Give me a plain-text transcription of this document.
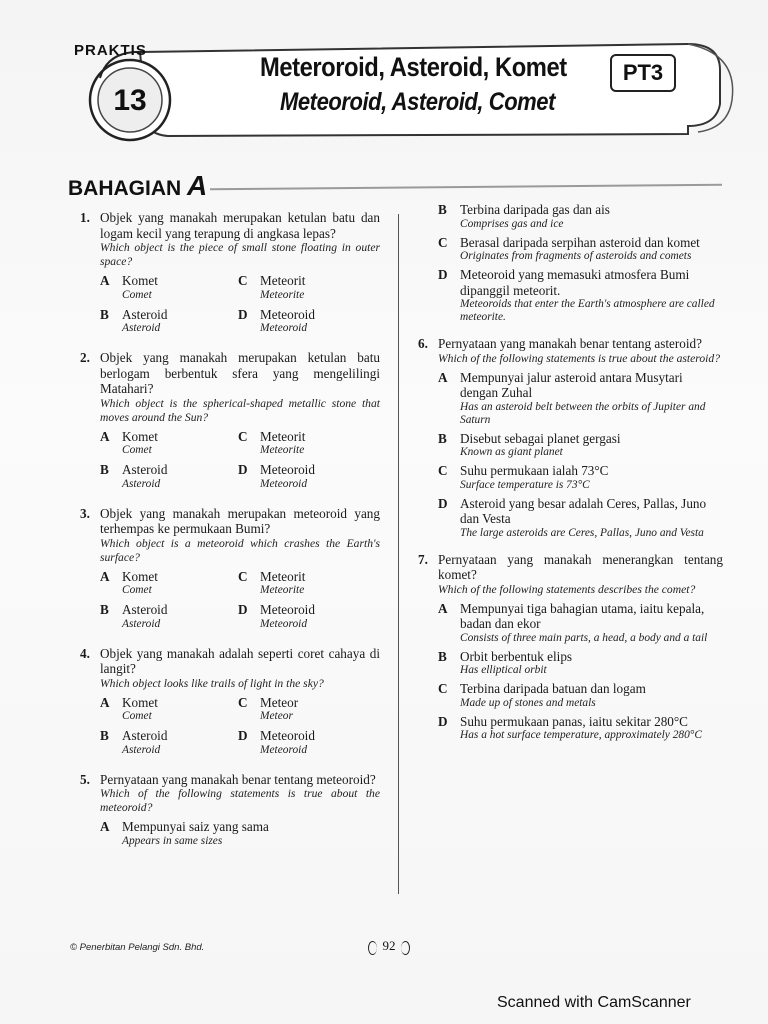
PRAKTIS
13
Meteroroid, Asteroid, Komet
Meteoroid, Asteroid, Comet
PT3
BAHAGIAN A
1. Objek yang manakah merupakan ketulan batu dan logam kecil yang terapung di angkasa lepas?
Which object is the piece of small stone floating in outer space?
A Komet
Comet
C Meteorit
Meteorite
B Asteroid
Asteroid
D Meteoroid
Meteoroid
2. Objek yang manakah merupakan ketulan batu berlogam berbentuk sfera yang mengelilingi Matahari?
Which object is the spherical-shaped metallic stone that moves around the Sun?
A Komet
Comet
C Meteorit
Meteorite
B Asteroid
Asteroid
D Meteoroid
Meteoroid
3. Objek yang manakah merupakan meteoroid yang terhempas ke permukaan Bumi?
Which object is a meteoroid which crashes the Earth's surface?
A Komet
Comet
C Meteorit
Meteorite
B Asteroid
Asteroid
D Meteoroid
Meteoroid
4. Objek yang manakah adalah seperti coret cahaya di langit?
Which object looks like trails of light in the sky?
A Komet
Comet
C Meteor
Meteor
B Asteroid
Asteroid
D Meteoroid
Meteoroid
5. Pernyataan yang manakah benar tentang meteoroid?
Which of the following statements is true about the meteoroid?
A Mempunyai saiz yang sama
Appears in same sizes
B Terbina daripada gas dan ais
Comprises gas and ice
C Berasal daripada serpihan asteroid dan komet
Originates from fragments of asteroids and comets
D Meteoroid yang memasuki atmosfera Bumi dipanggil meteorit.
Meteoroids that enter the Earth's atmosphere are called meteorite.
6. Pernyataan yang manakah benar tentang asteroid?
Which of the following statements is true about the asteroid?
A Mempunyai jalur asteroid antara Musytari dengan Zuhal
Has an asteroid belt between the orbits of Jupiter and Saturn
B Disebut sebagai planet gergasi
Known as giant planet
C Suhu permukaan ialah 73°C
Surface temperature is 73°C
D Asteroid yang besar adalah Ceres, Pallas, Juno dan Vesta
The large asteroids are Ceres, Pallas, Juno and Vesta
7. Pernyataan yang manakah menerangkan tentang komet?
Which of the following statements describes the comet?
A Mempunyai tiga bahagian utama, iaitu kepala, badan dan ekor
Consists of three main parts, a head, a body and a tail
B Orbit berbentuk elips
Has elliptical orbit
C Terbina daripada batuan dan logam
Made up of stones and metals
D Suhu permukaan panas, iaitu sekitar 280°C
Has a hot surface temperature, approximately 280°C
© Penerbitan Pelangi Sdn. Bhd.	92
Scanned with CamScanner
